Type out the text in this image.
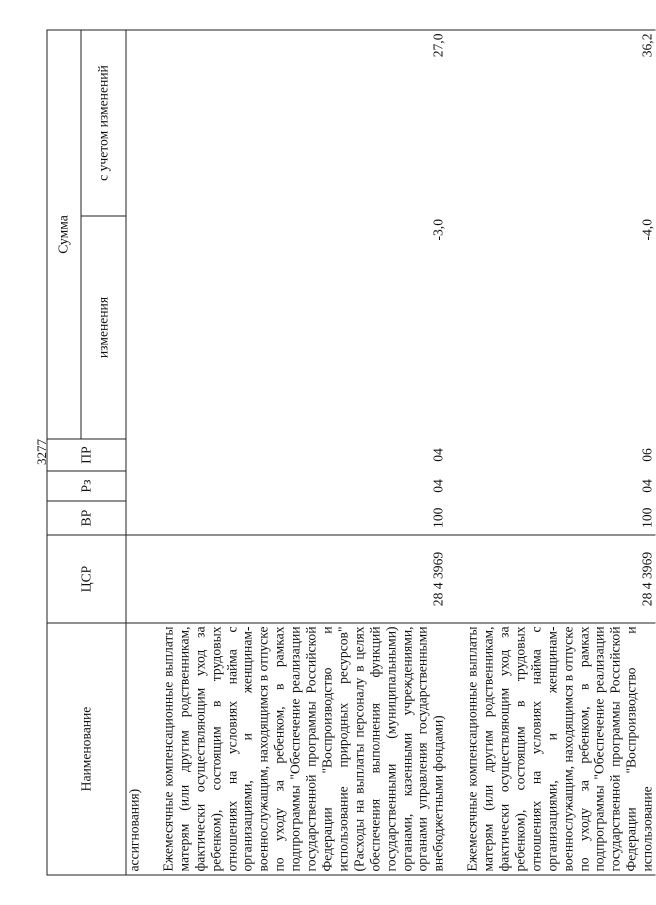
3277
Наименование	ЦСР	ВР	Рз	ПР	Сумма	
					изменения	с учетом изменений
ассигнования)						

Ежемесячные компенсационные выплаты матерям (или другим родственникам, фактически осуществляющим уход за ребенком), состоящим в трудовых отношениях на условиях найма с организациями, и женщинам-военнослужащим, находящимся в отпуске по уходу за ребенком, в рамках подпрограммы "Обеспечение реализации государственной программы Российской Федерации "Воспроизводство и использование природных ресурсов" (Расходы на выплаты персоналу в целях обеспечения выполнения функций государственными (муниципальными) органами, казенными учреждениями, органами управления государственными внебюджетными фондами)	28 4 3969	100	04	04	-3,0	27,0

Ежемесячные компенсационные выплаты матерям (или другим родственникам, фактически осуществляющим уход за ребенком), состоящим в трудовых отношениях на условиях найма с организациями, и женщинам-военнослужащим, находящимся в отпуске по уходу за ребенком, в рамках подпрограммы "Обеспечение реализации государственной программы Российской Федерации "Воспроизводство и использование	28 4 3969	100	04	06	-4,0	36,2
